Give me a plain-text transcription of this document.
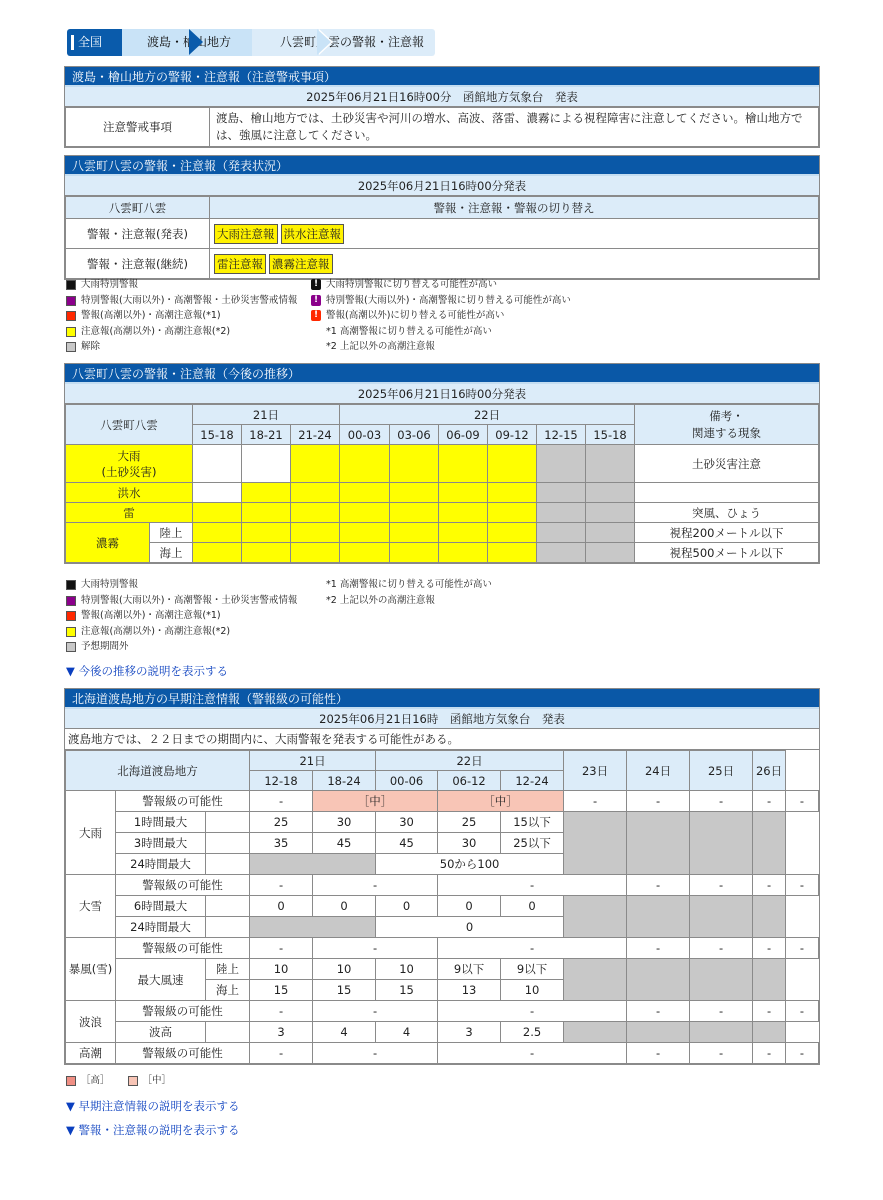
全国	渡島・檜山地方	八雲町八雲の警報・注意報
渡島・檜山地方の警報・注意報（注意警戒事項）
2025年06月21日16時00分　函館地方気象台　発表
注意警戒事項	渡島、檜山地方では、土砂災害や河川の増水、高波、落雷、濃霧による視程障害に注意してください。檜山地方では、強風に注意してください。
八雲町八雲の警報・注意報（発表状況）
2025年06月21日16時00分発表
八雲町八雲	警報・注意報・警報の切り替え
警報・注意報(発表)	大雨注意報 洪水注意報
警報・注意報(継続)	雷注意報 濃霧注意報
大雨特別警報
特別警報(大雨以外)・高潮警報・土砂災害警戒情報
警報(高潮以外)・高潮注意報(*1)
注意報(高潮以外)・高潮注意報(*2)
解除
! 大雨特別警報に切り替える可能性が高い
! 特別警報(大雨以外)・高潮警報に切り替える可能性が高い
! 警報(高潮以外)に切り替える可能性が高い
*1 高潮警報に切り替える可能性が高い
*2 上記以外の高潮注意報
八雲町八雲の警報・注意報（今後の推移）
2025年06月21日16時00分発表
八雲町八雲		21日			22日						備考・
関連する現象
		15-18	18-21	21-24	00-03	03-06	06-09	09-12	12-15	15-18	
大雨
(土砂災害)											土砂災害注意
洪水											
雷											突風、ひょう
濃霧	陸上										視程200メートル以下
	海上										視程500メートル以下
大雨特別警報
特別警報(大雨以外)・高潮警報・土砂災害警戒情報
警報(高潮以外)・高潮注意報(*1)
注意報(高潮以外)・高潮注意報(*2)
予想期間外
*1 高潮警報に切り替える可能性が高い
*2 上記以外の高潮注意報
▼ 今後の推移の説明を表示する
北海道渡島地方の早期注意情報（警報級の可能性）
2025年06月21日16時　函館地方気象台　発表
渡島地方では、２２日までの期間内に、大雨警報を発表する可能性がある。
北海道渡島地方			21日		22日			23日	24日	25日	26日	
			12-18	18-24	00-06	06-12	12-24					
大雨	警報級の可能性		-	［中］		［中］		-	-	-	-	-
	1時間最大		25	30	30	25	15以下					
	3時間最大		35	45	45	30	25以下					
	24時間最大				50から100							
大雪	警報級の可能性		-	-		-			-	-	-	-
	6時間最大		0	0	0	0	0					
	24時間最大				0							
暴風(雪)	警報級の可能性		-	-		-			-	-	-	-
	最大風速	陸上	10	10	10	9以下	9以下					
		海上	15	15	15	13	10					
波浪	警報級の可能性		-	-		-			-	-	-	-
	波高		3	4	4	3	2.5					
高潮	警報級の可能性		-	-		-			-	-	-	-
［高］	［中］
▼ 早期注意情報の説明を表示する
▼ 警報・注意報の説明を表示する
